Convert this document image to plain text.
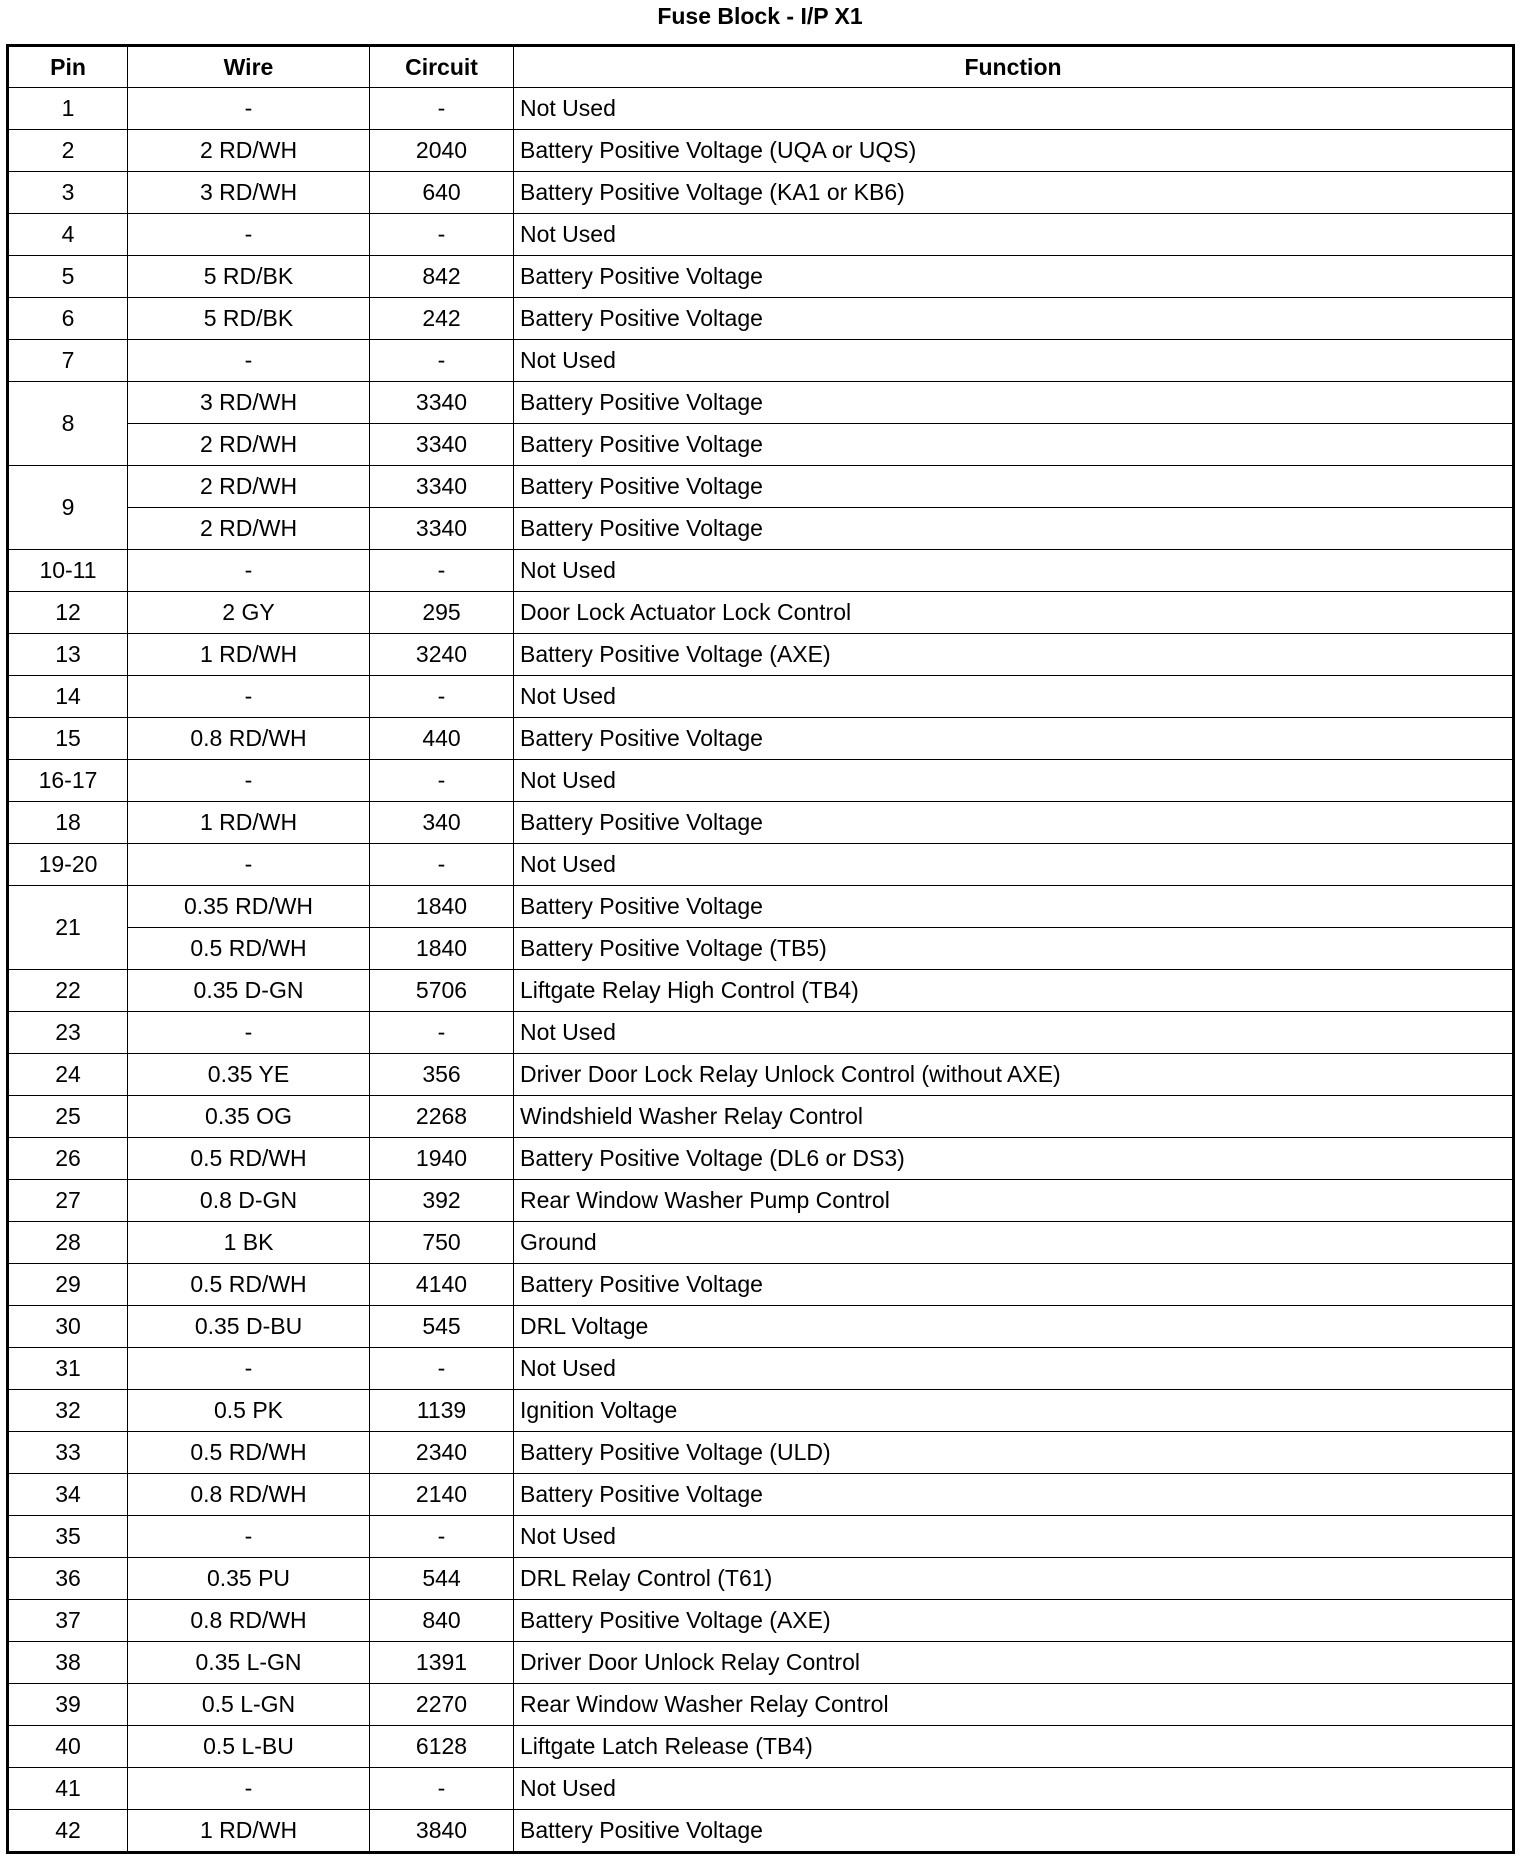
Fuse Block - I/P X1
Pin	Wire	Circuit	Function
1	-	-	Not Used
2	2 RD/WH	2040	Battery Positive Voltage (UQA or UQS)
3	3 RD/WH	640	Battery Positive Voltage (KA1 or KB6)
4	-	-	Not Used
5	5 RD/BK	842	Battery Positive Voltage
6	5 RD/BK	242	Battery Positive Voltage
7	-	-	Not Used
8	3 RD/WH	3340	Battery Positive Voltage
	2 RD/WH	3340	Battery Positive Voltage
9	2 RD/WH	3340	Battery Positive Voltage
	2 RD/WH	3340	Battery Positive Voltage
10-11	-	-	Not Used
12	2 GY	295	Door Lock Actuator Lock Control
13	1 RD/WH	3240	Battery Positive Voltage (AXE)
14	-	-	Not Used
15	0.8 RD/WH	440	Battery Positive Voltage
16-17	-	-	Not Used
18	1 RD/WH	340	Battery Positive Voltage
19-20	-	-	Not Used
21	0.35 RD/WH	1840	Battery Positive Voltage
	0.5 RD/WH	1840	Battery Positive Voltage (TB5)
22	0.35 D-GN	5706	Liftgate Relay High Control (TB4)
23	-	-	Not Used
24	0.35 YE	356	Driver Door Lock Relay Unlock Control (without AXE)
25	0.35 OG	2268	Windshield Washer Relay Control
26	0.5 RD/WH	1940	Battery Positive Voltage (DL6 or DS3)
27	0.8 D-GN	392	Rear Window Washer Pump Control
28	1 BK	750	Ground
29	0.5 RD/WH	4140	Battery Positive Voltage
30	0.35 D-BU	545	DRL Voltage
31	-	-	Not Used
32	0.5 PK	1139	Ignition Voltage
33	0.5 RD/WH	2340	Battery Positive Voltage (ULD)
34	0.8 RD/WH	2140	Battery Positive Voltage
35	-	-	Not Used
36	0.35 PU	544	DRL Relay Control (T61)
37	0.8 RD/WH	840	Battery Positive Voltage (AXE)
38	0.35 L-GN	1391	Driver Door Unlock Relay Control
39	0.5 L-GN	2270	Rear Window Washer Relay Control
40	0.5 L-BU	6128	Liftgate Latch Release (TB4)
41	-	-	Not Used
42	1 RD/WH	3840	Battery Positive Voltage
